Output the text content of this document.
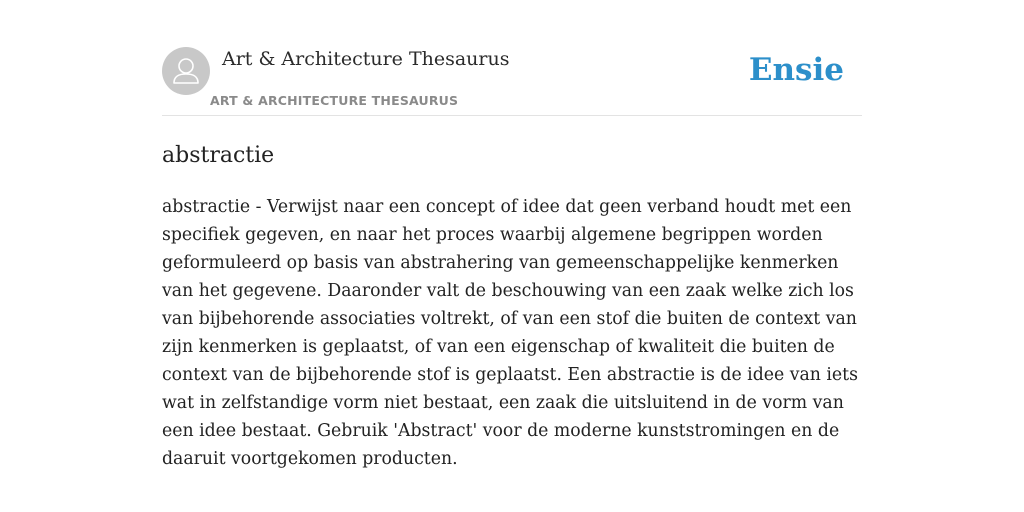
Art & Architecture Thesaurus
ART & ARCHITECTURE THESAURUS
Ensie
abstractie

abstractie - Verwijst naar een concept of idee dat geen verband houdt met een specifiek gegeven, en naar het proces waarbij algemene begrippen worden geformuleerd op basis van abstrahering van gemeenschappelijke kenmerken van het gegevene. Daaronder valt de beschouwing van een zaak welke zich los van bijbehorende associaties voltrekt, of van een stof die buiten de context van zijn kenmerken is geplaatst, of van een eigenschap of kwaliteit die buiten de context van de bijbehorende stof is geplaatst. Een abstractie is de idee van iets wat in zelfstandige vorm niet bestaat, een zaak die uitsluitend in de vorm van een idee bestaat. Gebruik 'Abstract' voor de moderne kunststromingen en de daaruit voortgekomen producten.
